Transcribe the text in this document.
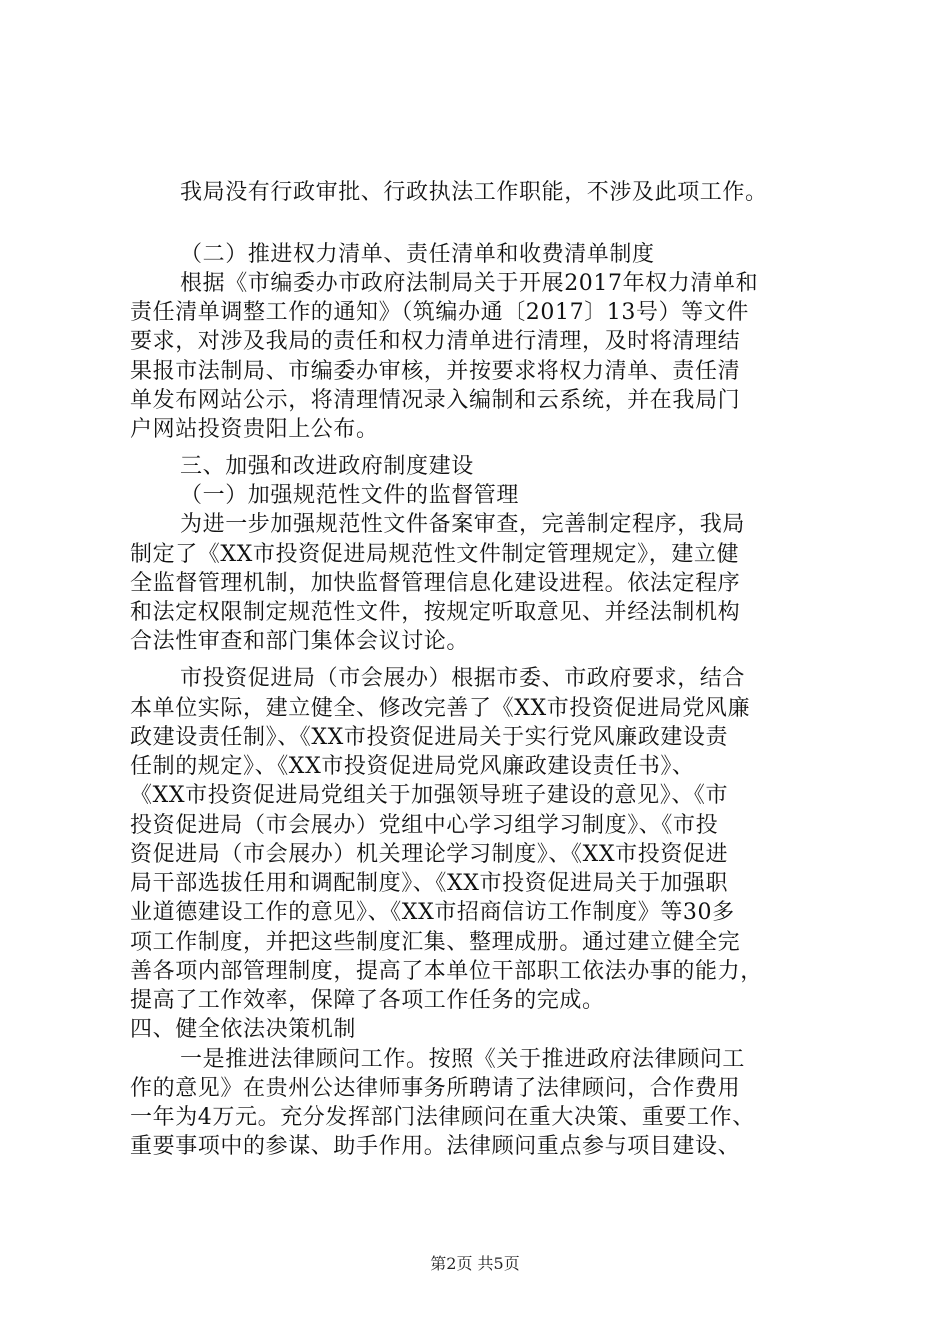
我局没有行政审批、行政执法工作职能，不涉及此项工作。
（二）推进权力清单、责任清单和收费清单制度
根据《市编委办市政府法制局关于开展2017年权力清单和
责任清单调整工作的通知》（筑编办通〔2017〕13号）等文件
要求，对涉及我局的责任和权力清单进行清理，及时将清理结
果报市法制局、市编委办审核，并按要求将权力清单、责任清
单发布网站公示，将清理情况录入编制和云系统，并在我局门
户网站投资贵阳上公布。
三、加强和改进政府制度建设
（一）加强规范性文件的监督管理
为进一步加强规范性文件备案审查，完善制定程序，我局
制定了《XX市投资促进局规范性文件制定管理规定》，建立健
全监督管理机制，加快监督管理信息化建设进程。依法定程序
和法定权限制定规范性文件，按规定听取意见、并经法制机构
合法性审查和部门集体会议讨论。
市投资促进局（市会展办）根据市委、市政府要求，结合
本单位实际，建立健全、修改完善了《XX市投资促进局党风廉
政建设责任制》、《XX市投资促进局关于实行党风廉政建设责
任制的规定》、《XX市投资促进局党风廉政建设责任书》、
《XX市投资促进局党组关于加强领导班子建设的意见》、《市
投资促进局（市会展办）党组中心学习组学习制度》、《市投
资促进局（市会展办）机关理论学习制度》、《XX市投资促进
局干部选拔任用和调配制度》、《XX市投资促进局关于加强职
业道德建设工作的意见》、《XX市招商信访工作制度》等30多
项工作制度，并把这些制度汇集、整理成册。通过建立健全完
善各项内部管理制度，提高了本单位干部职工依法办事的能力，
提高了工作效率，保障了各项工作任务的完成。
四、健全依法决策机制
一是推进法律顾问工作。按照《关于推进政府法律顾问工
作的意见》在贵州公达律师事务所聘请了法律顾问，合作费用
一年为4万元。充分发挥部门法律顾问在重大决策、重要工作、
重要事项中的参谋、助手作用。法律顾问重点参与项目建设、
第2页 共5页
